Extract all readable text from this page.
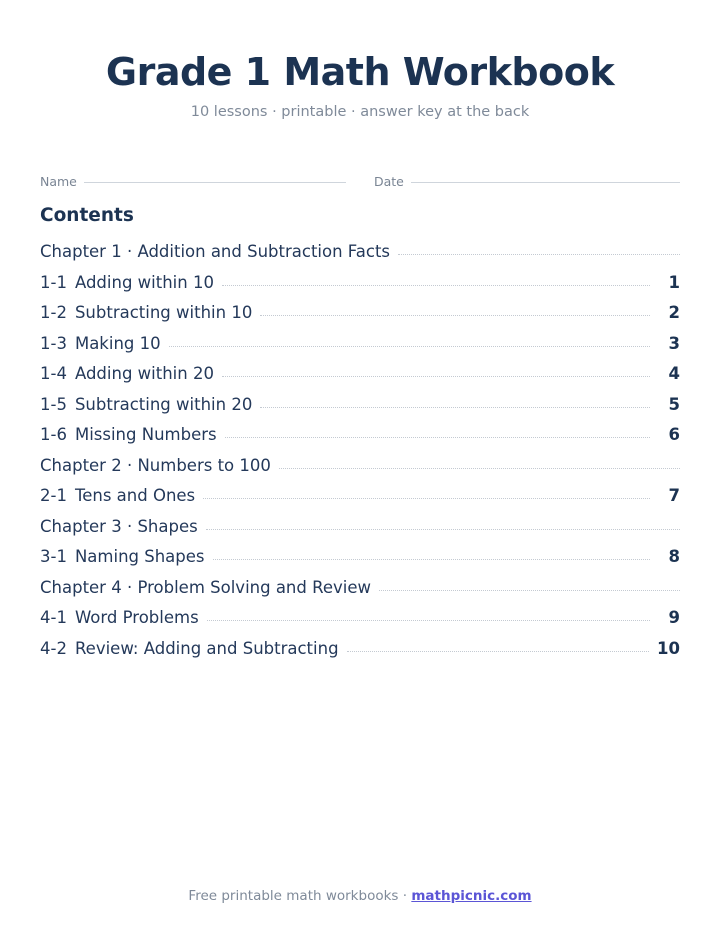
Grade 1 Math Workbook
10 lessons · printable · answer key at the back
Name	Date
Contents
Chapter 1 · Addition and Subtraction Facts
1-1 Adding within 10	1
1-2 Subtracting within 10	2
1-3 Making 10	3
1-4 Adding within 20	4
1-5 Subtracting within 20	5
1-6 Missing Numbers	6
Chapter 2 · Numbers to 100
2-1 Tens and Ones	7
Chapter 3 · Shapes
3-1 Naming Shapes	8
Chapter 4 · Problem Solving and Review
4-1 Word Problems	9
4-2 Review: Adding and Subtracting	10
Free printable math workbooks · mathpicnic.com
